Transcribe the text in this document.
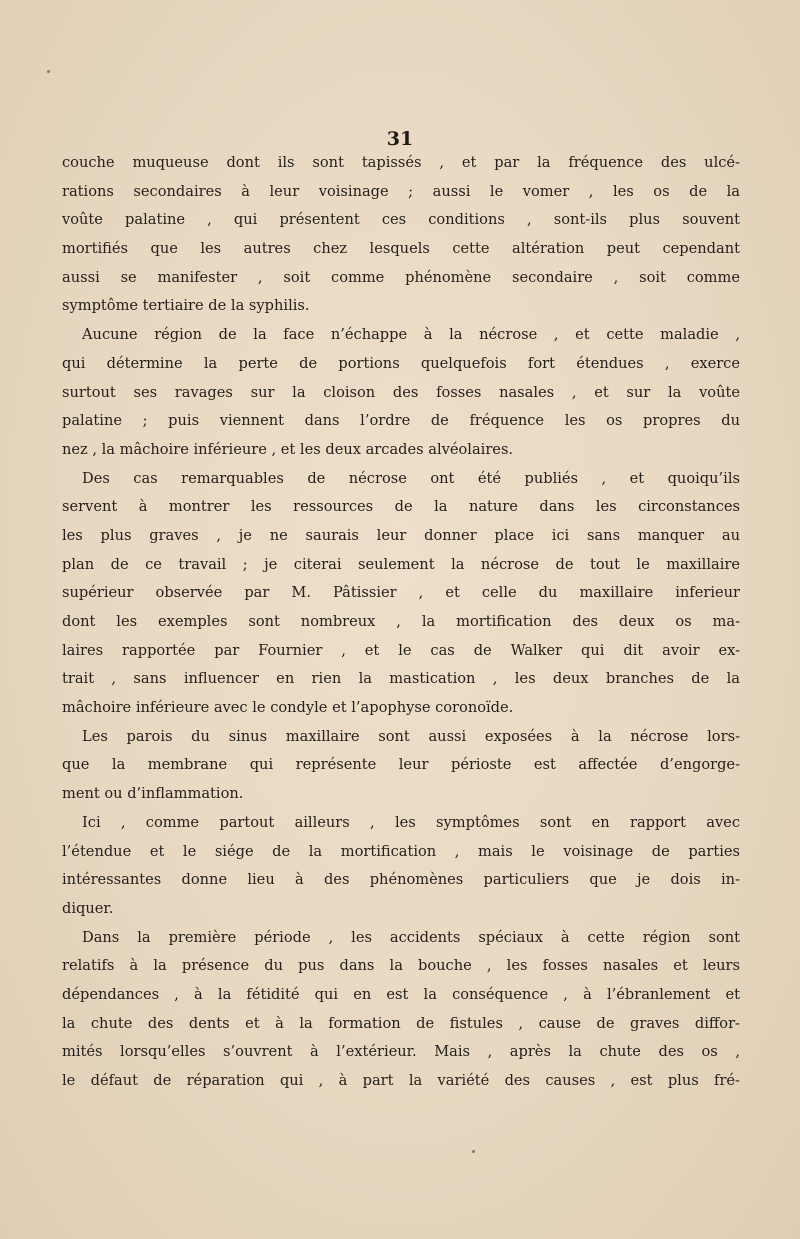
31
couche muqueuse dont ils sont tapissés , et par la fréquence des ulcé-
rations secondaires à leur voisinage ; aussi le vomer , les os de la
voûte palatine , qui présentent ces conditions , sont-ils plus souvent
mortifiés que les autres chez lesquels cette altération peut cependant
aussi se manifester , soit comme phénomène secondaire , soit comme
symptôme tertiaire de la syphilis.
Aucune région de la face n’échappe à la nécrose , et cette maladie ,
qui détermine la perte de portions quelquefois fort étendues , exerce
surtout ses ravages sur la cloison des fosses nasales , et sur la voûte
palatine ; puis viennent dans l’ordre de fréquence les os propres du
nez , la mâchoire inférieure , et les deux arcades alvéolaires.
Des cas remarquables de nécrose ont été publiés , et quoiqu’ils
servent à montrer les ressources de la nature dans les circonstances
les plus graves , je ne saurais leur donner place ici sans manquer au
plan de ce travail ; je citerai seulement la nécrose de tout le maxillaire
supérieur observée par M. Pâtissier , et celle du maxillaire inferieur
dont les exemples sont nombreux , la mortification des deux os ma-
laires rapportée par Fournier , et le cas de Walker qui dit avoir ex-
trait , sans influencer en rien la mastication , les deux branches de la
mâchoire inférieure avec le condyle et l’apophyse coronoïde.
Les parois du sinus maxillaire sont aussi exposées à la nécrose lors-
que la membrane qui représente leur périoste est affectée d’engorge-
ment ou d’inflammation.
Ici , comme partout ailleurs , les symptômes sont en rapport avec
l’étendue et le siége de la mortification , mais le voisinage de parties
intéressantes donne lieu à des phénomènes particuliers que je dois in-
diquer.
Dans la première période , les accidents spéciaux à cette région sont
relatifs à la présence du pus dans la bouche , les fosses nasales et leurs
dépendances , à la fétidité qui en est la conséquence , à l’ébranlement et
la chute des dents et à la formation de fistules , cause de graves diffor-
mités lorsqu’elles s’ouvrent à l’extérieur. Mais , après la chute des os ,
le défaut de réparation qui , à part la variété des causes , est plus fré-
